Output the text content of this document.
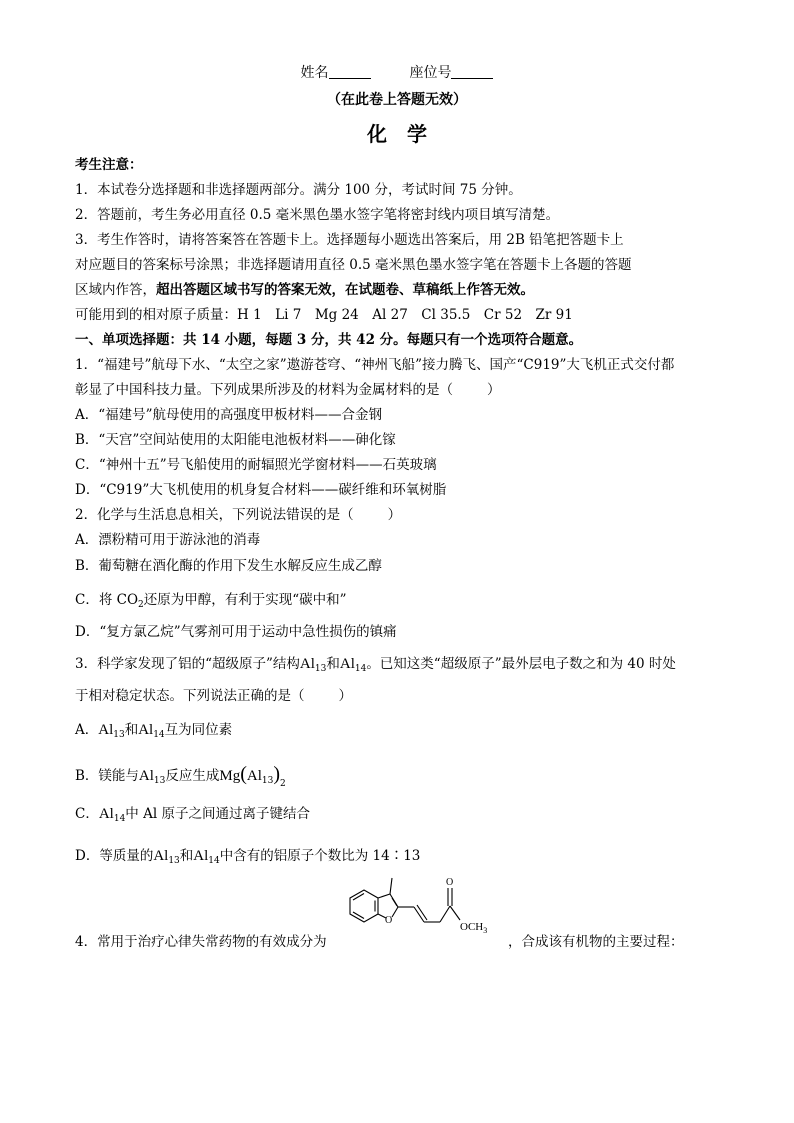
姓名	座位号
（在此卷上答题无效）
化　学
考生注意：
1．本试卷分选择题和非选择题两部分。满分 100 分，考试时间 75 分钟。
2．答题前，考生务必用直径 0.5 毫米黑色墨水签字笔将密封线内项目填写清楚。
3．考生作答时，请将答案答在答题卡上。选择题每小题选出答案后，用 2B 铅笔把答题卡上
对应题目的答案标号涂黑；非选择题请用直径 0.5 毫米黑色墨水签字笔在答题卡上各题的答题
区域内作答，超出答题区域书写的答案无效，在试题卷、草稿纸上作答无效。
可能用到的相对原子质量：H 1　Li 7　Mg 24　Al 27　Cl 35.5　Cr 52　Zr 91
一、单项选择题：共 14 小题，每题 3 分，共 42 分。每题只有一个选项符合题意。
1．“福建号”航母下水、“太空之家”遨游苍穹、“神州飞船”接力腾飞、国产“C919”大飞机正式交付都
彰显了中国科技力量。下列成果所涉及的材料为金属材料的是（	）
A．“福建号”航母使用的高强度甲板材料——合金钢
B．“天宫”空间站使用的太阳能电池板材料——砷化镓
C．“神州十五”号飞船使用的耐辐照光学窗材料——石英玻璃
D．“C919”大飞机使用的机身复合材料——碳纤维和环氧树脂
2．化学与生活息息相关，下列说法错误的是（	）
A．漂粉精可用于游泳池的消毒
B．葡萄糖在酒化酶的作用下发生水解反应生成乙醇
C．将 $CO_2$还原为甲醇，有利于实现“碳中和”
D．“复方氯乙烷”气雾剂可用于运动中急性损伤的镇痛
3．科学家发现了铝的“超级原子”结构$Al_{13}$和$Al_{14}$。已知这类“超级原子”最外层电子数之和为 40 时处
于相对稳定状态。下列说法正确的是（	）
A．$Al_{13}$和$Al_{14}$互为同位素
B．镁能与$Al_{13}$反应生成$Mg(Al_{13})_2$
C．$Al_{14}$中 Al 原子之间通过离子键结合
D．等质量的$Al_{13}$和$Al_{14}$中含有的铝原子个数比为 14∶13
4．常用于治疗心律失常药物的有效成分为	，合成该有机物的主要过程：
O
O
$OCH_3$
